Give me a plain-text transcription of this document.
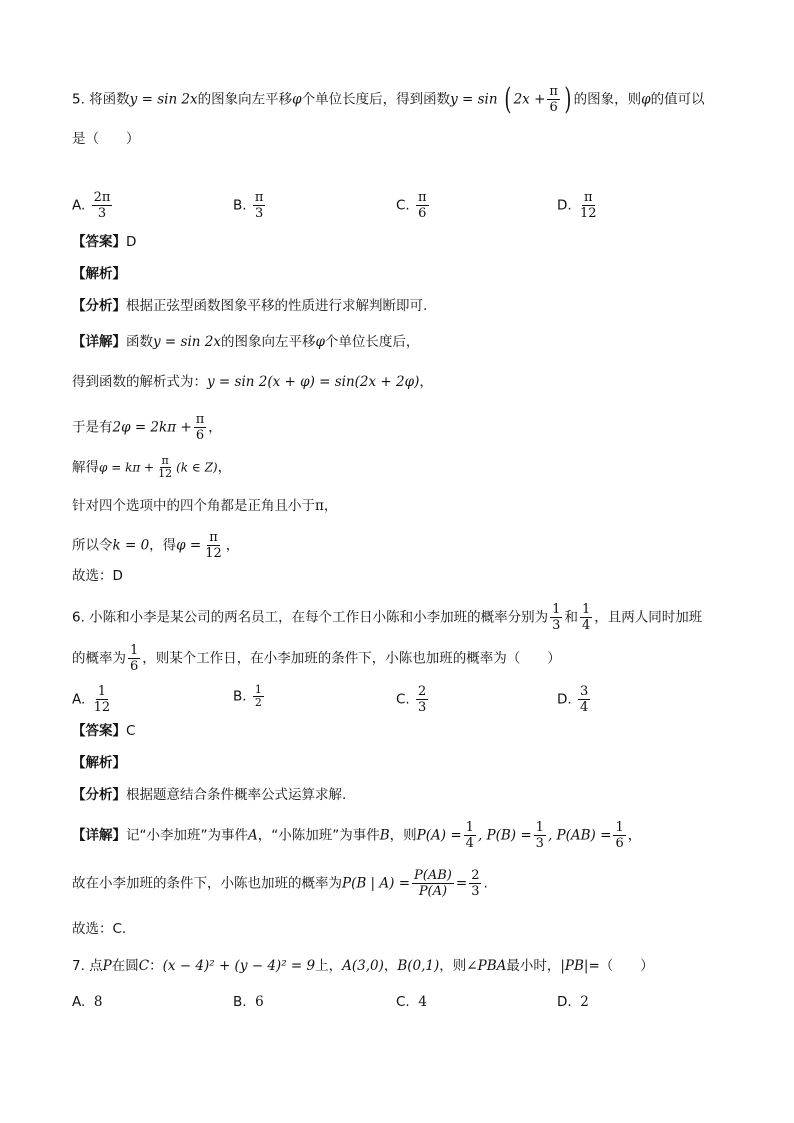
5. 将函数y = sin 2x的图象向左平移φ个单位长度后，得到函数y = sin ( $2x + \frac{\pi}{6}$ ) 的图象，则φ的值可以
是（　　）
A. $\frac{2\pi}{3}$	B. $\frac{\pi}{3}$	C. $\frac{\pi}{6}$	D. $\frac{\pi}{12}$
【答案】D
【解析】
【分析】根据正弦型函数图象平移的性质进行求解判断即可.
【详解】函数y = sin 2x的图象向左平移φ个单位长度后，
得到函数的解析式为：y = sin 2(x + φ) = sin(2x + 2φ)，
于是有$2\varphi = 2k\pi + \frac{\pi}{6}$ ，
解得$\varphi = k\pi + \frac{\pi}{12} (k$ ∈ Z)，
针对四个选项中的四个角都是正角且小于π，
所以令k = 0，得$\varphi = \frac{\pi}{12}$ ，
故选：D
6. 小陈和小李是某公司的两名员工，在每个工作日小陈和小李加班的概率分别为 $\frac{1}{3}$ 和 $\frac{1}{4}$ ，且两人同时加班
的概率为 $\frac{1}{6}$ ，则某个工作日，在小李加班的条件下，小陈也加班的概率为（　　）
A. $\frac{1}{12}$	B. $\frac{1}{2}$	C. $\frac{2}{3}$	D. $\frac{3}{4}$
【答案】C
【解析】
【分析】根据题意结合条件概率公式运算求解.
【详解】记“小李加班”为事件A，“小陈加班”为事件B，则$P(A) = \frac{1}{4}$ , $P(B) = \frac{1}{3}$ , $P(AB) = \frac{1}{6}$ ，
故在小李加班的条件下，小陈也加班的概率为P(B | $A) = \frac{P(AB)}{P(A)} = \frac{2}{3}$ .
故选：C.
7. 点P在圆C：(x − 4)² + (y − 4)² = 9上，A(3,0)，B(0,1)，则∠PBA最小时，|PB|=（　　）
A. 8	B. 6	C. 4	D. 2
